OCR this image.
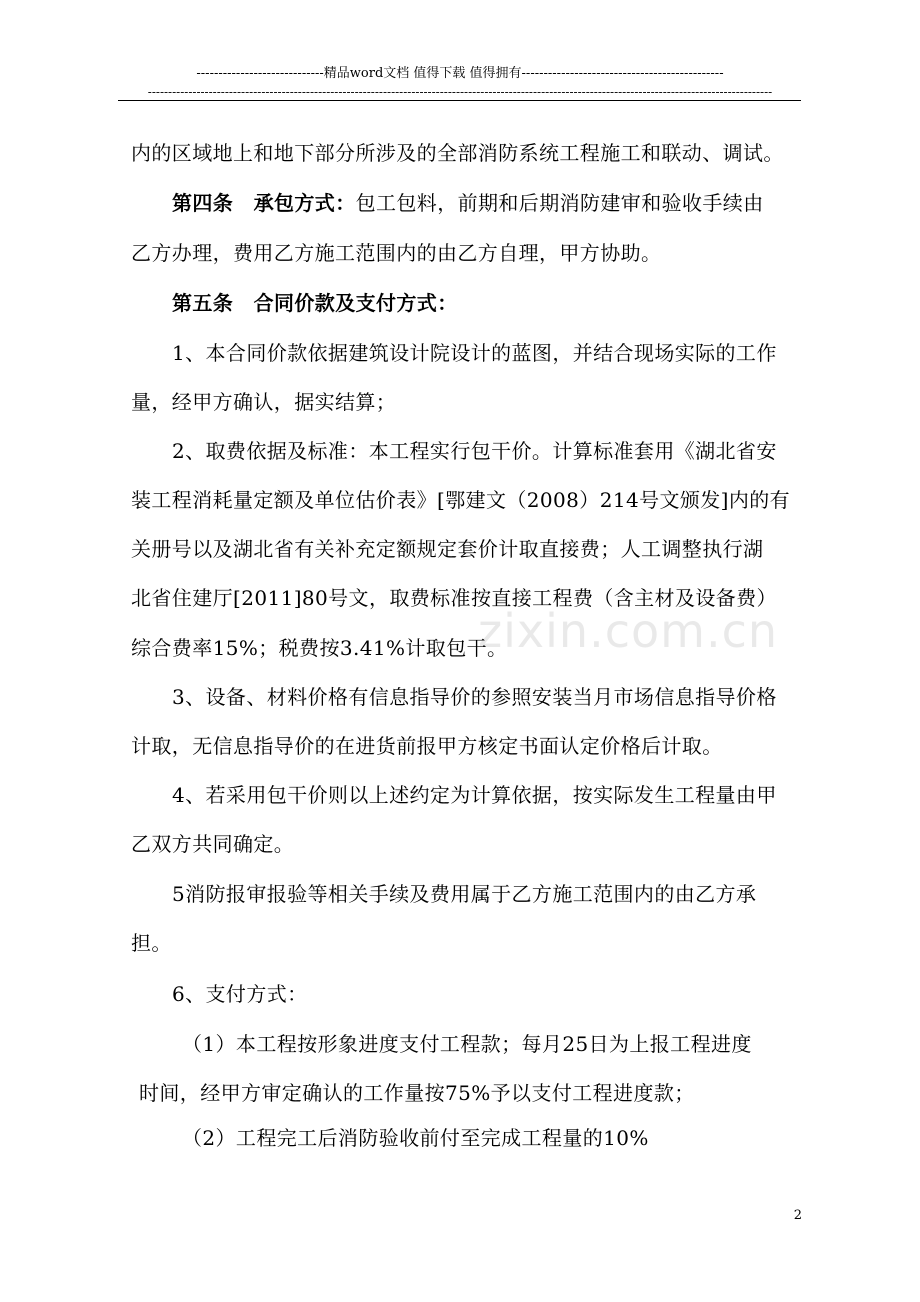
-----------------------------精品word文档 值得下载 值得拥有----------------------------------------------
----------------------------------------------------------------------------------------------------------------------------------------------------------
内的区域地上和地下部分所涉及的全部消防系统工程施工和联动、调试。
第四条　承包方式：包工包料，前期和后期消防建审和验收手续由
乙方办理，费用乙方施工范围内的由乙方自理，甲方协助。
第五条　合同价款及支付方式：
1、本合同价款依据建筑设计院设计的蓝图，并结合现场实际的工作
量，经甲方确认，据实结算；
2、取费依据及标准：本工程实行包干价。计算标准套用《湖北省安
装工程消耗量定额及单位估价表》[鄂建文（2008）214号文颁发]内的有
关册号以及湖北省有关补充定额规定套价计取直接费；人工调整执行湖
北省住建厅[2011]80号文，取费标准按直接工程费（含主材及设备费）
综合费率15%；税费按3.41%计取包干。
3、设备、材料价格有信息指导价的参照安装当月市场信息指导价格
计取，无信息指导价的在进货前报甲方核定书面认定价格后计取。
4、若采用包干价则以上述约定为计算依据，按实际发生工程量由甲
乙双方共同确定。
5消防报审报验等相关手续及费用属于乙方施工范围内的由乙方承
担。
6、支付方式：
（1）本工程按形象进度支付工程款；每月25日为上报工程进度
时间，经甲方审定确认的工作量按75%予以支付工程进度款；
（2）工程完工后消防验收前付至完成工程量的10%
zixin.com.cn
2
